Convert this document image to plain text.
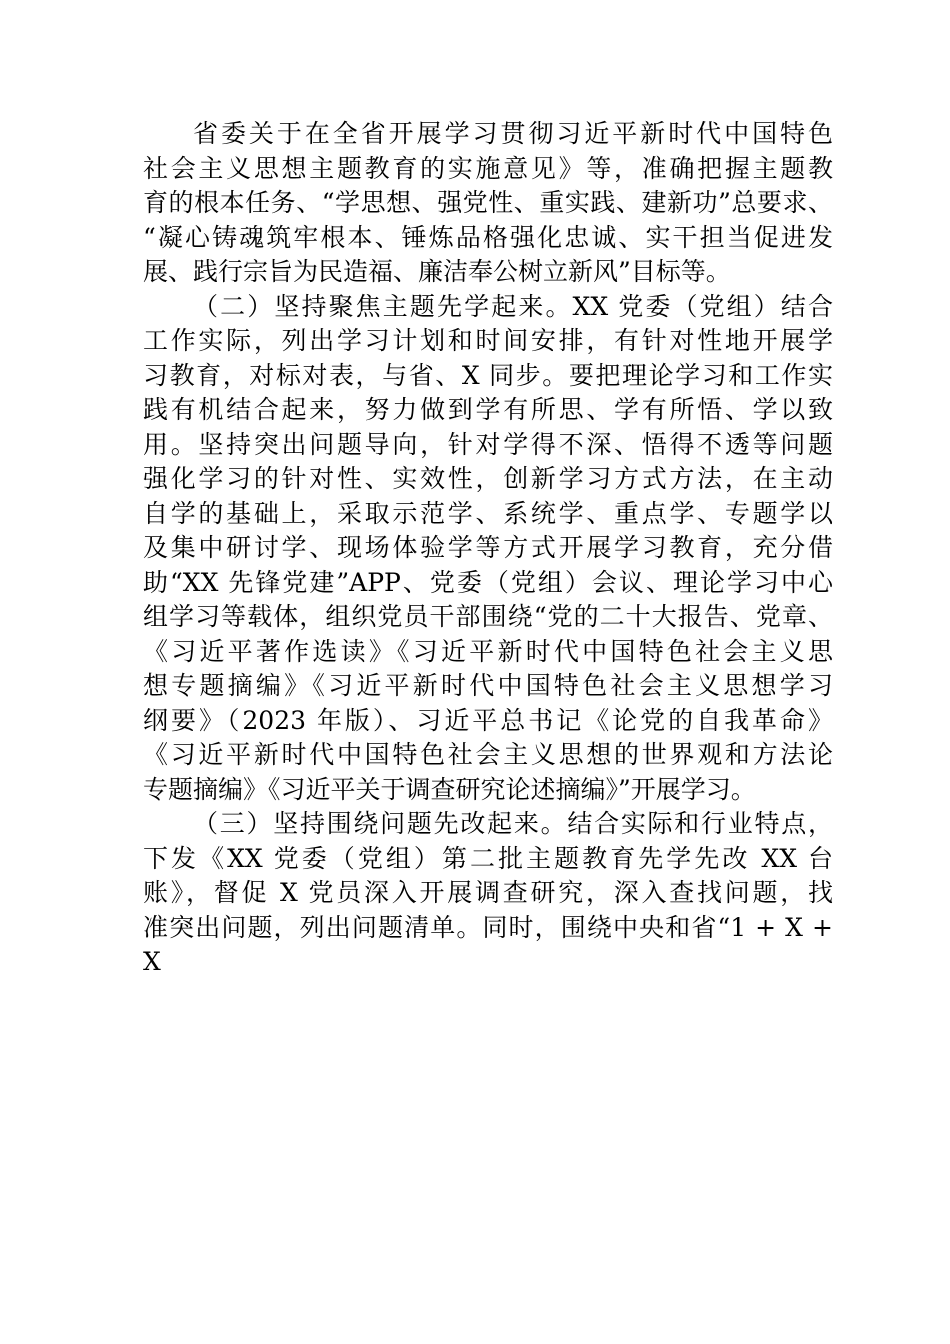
省委关于在全省开展学习贯彻习近平新时代中国特色
社会主义思想主题教育的实施意见》等，准确把握主题教
育的根本任务、“学思想、强党性、重实践、建新功”总要求、
“凝心铸魂筑牢根本、锤炼品格强化忠诚、实干担当促进发
展、践行宗旨为民造福、廉洁奉公树立新风”目标等。
（二）坚持聚焦主题先学起来。XX 党委（党组）结合
工作实际，列出学习计划和时间安排，有针对性地开展学
习教育，对标对表，与省、X 同步。要把理论学习和工作实
践有机结合起来，努力做到学有所思、学有所悟、学以致
用。坚持突出问题导向，针对学得不深、悟得不透等问题
强化学习的针对性、实效性，创新学习方式方法，在主动
自学的基础上，采取示范学、系统学、重点学、专题学以
及集中研讨学、现场体验学等方式开展学习教育，充分借
助“XX 先锋党建”APP、党委（党组）会议、理论学习中心
组学习等载体，组织党员干部围绕“党的二十大报告、党章、
《习近平著作选读》《习近平新时代中国特色社会主义思
想专题摘编》《习近平新时代中国特色社会主义思想学习
纲要》（2023 年版）、习近平总书记《论党的自我革命》
《习近平新时代中国特色社会主义思想的世界观和方法论
专题摘编》《习近平关于调查研究论述摘编》”开展学习。
（三）坚持围绕问题先改起来。结合实际和行业特点，
下发《XX 党委（党组）第二批主题教育先学先改 XX 台
账》，督促 X 党员深入开展调查研究，深入查找问题，找
准突出问题，列出问题清单。同时，围绕中央和省“1 + X +
X
